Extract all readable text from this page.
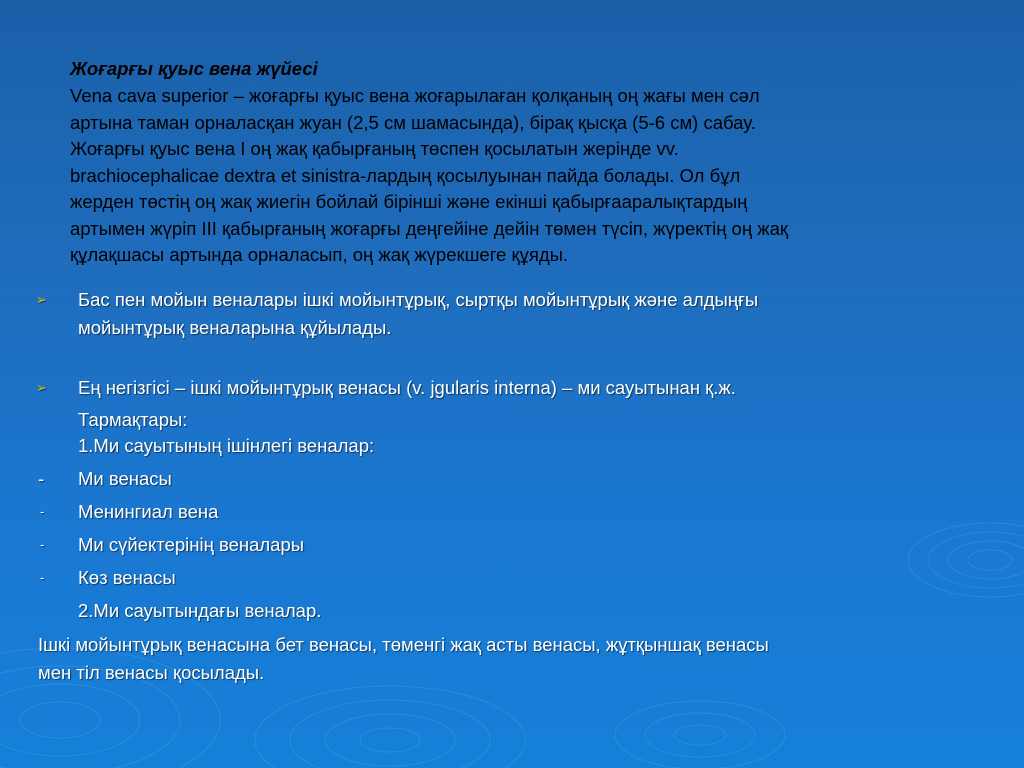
Жоғарғы қуыс вена жүйесі

Vena cava superior – жоғарғы қуыс вена жоғарылаған қолқаның оң жағы мен сәл
артына таман орналасқан жуан (2,5 см шамасында), бірақ қысқа (5-6 см) сабау.
Жоғарғы қуыс вена I оң жақ қабырғаның төспен қосылатын жерінде vv.
brachiocephalicae dextra et sinistra-лардың қосылуынан пайда болады. Ол бұл
жерден төстің оң жақ жиегін бойлай бірінші және екінші қабырғааралықтардың
артымен жүріп III қабырғаның жоғарғы деңгейіне дейін төмен түсіп, жүректің оң жақ
құлақшасы артында орналасып, оң жақ жүрекшеге құяды.

➢	Бас пен мойын веналары ішкі мойынтұрық, сыртқы мойынтұрық және алдыңғы
мойынтұрық веналарына құйылады.
➢	Ең негізгісі – ішкі мойынтұрық венасы (v. jgularis interna) – ми сауытынан қ.ж.
Тармақтары:
1.Ми сауытының ішінлегі веналар:
- Ми венасы
-	Менингиал вена
-	Ми сүйектерінің веналары
-	Көз венасы
2.Ми сауытындағы веналар.
Ішкі мойынтұрық венасына бет венасы, төменгі жақ асты венасы, жұтқыншақ венасы
мен тіл венасы қосылады.
